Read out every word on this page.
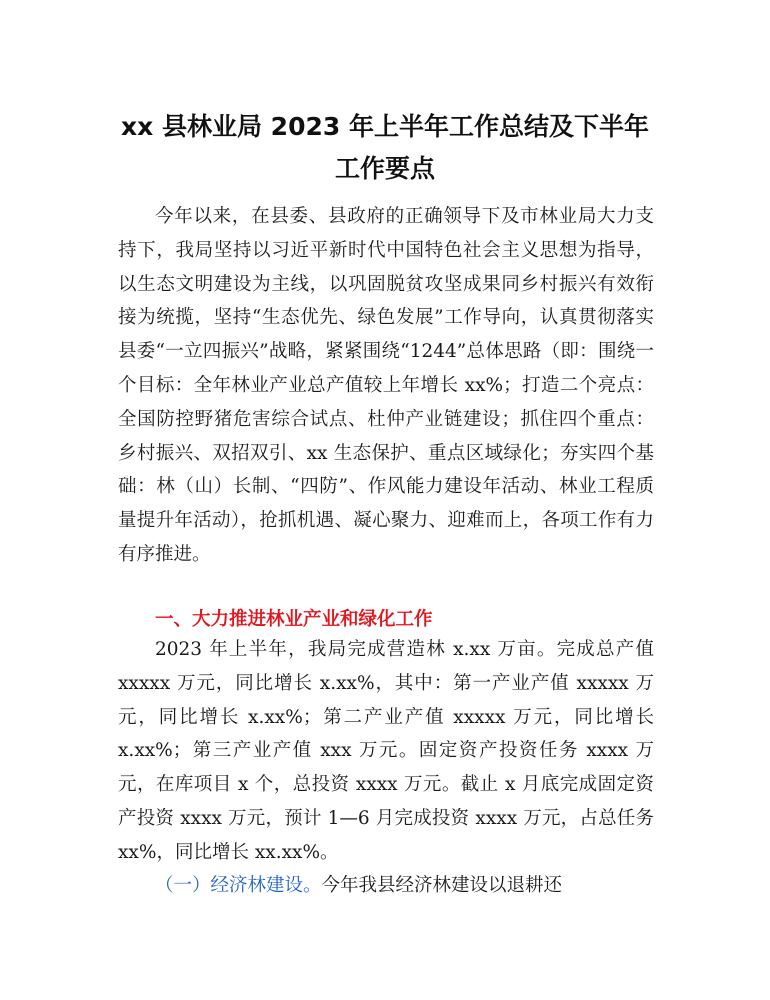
xx 县林业局 2023 年上半年工作总结及下半年工作要点

今年以来，在县委、县政府的正确领导下及市林业局大力支持下，我局坚持以习近平新时代中国特色社会主义思想为指导，以生态文明建设为主线，以巩固脱贫攻坚成果同乡村振兴有效衔接为统揽，坚持“生态优先、绿色发展”工作导向，认真贯彻落实县委“一立四振兴”战略，紧紧围绕“1244”总体思路（即：围绕一个目标：全年林业产业总产值较上年增长 xx%；打造二个亮点：全国防控野猪危害综合试点、杜仲产业链建设；抓住四个重点：乡村振兴、双招双引、xx 生态保护、重点区域绿化；夯实四个基础：林（山）长制、“四防”、作风能力建设年活动、林业工程质量提升年活动），抢抓机遇、凝心聚力、迎难而上，各项工作有力有序推进。

一、大力推进林业产业和绿化工作

2023 年上半年，我局完成营造林 x.xx 万亩。完成总产值 xxxxx 万元，同比增长 x.xx%，其中：第一产业产值 xxxxx 万元，同比增长 x.xx%；第二产业产值 xxxxx 万元，同比增长 x.xx%；第三产业产值 xxx 万元。固定资产投资任务 xxxx 万元，在库项目 x 个，总投资 xxxx 万元。截止 x 月底完成固定资产投资 xxxx 万元，预计 1—6 月完成投资 xxxx 万元，占总任务 xx%，同比增长 xx.xx%。

（一）经济林建设。今年我县经济林建设以退耕还
